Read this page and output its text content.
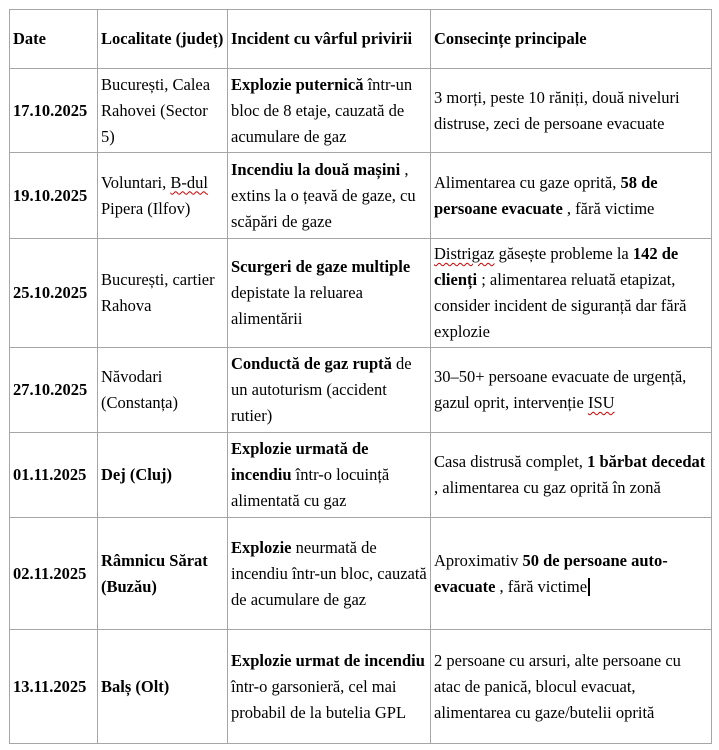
Date	Localitate (județ)	Incident cu vârful privirii	Consecințe principale
17.10.2025	București, Calea Rahovei (Sector 5)	Explozie puternică într-un bloc de 8 etaje, cauzată de acumulare de gaz	3 morți, peste 10 răniți, două niveluri distruse, zeci de persoane evacuate
19.10.2025	Voluntari, B-dul Pipera (Ilfov)	Incendiu la două mașini , extins la o țeavă de gaze, cu scăpări de gaze	Alimentarea cu gaze oprită, 58 de persoane evacuate , fără victime
25.10.2025	București, cartier Rahova	Scurgeri de gaze multiple depistate la reluarea alimentării	Distrigaz găsește probleme la 142 de clienți ; alimentarea reluată etapizat, consider incident de siguranță dar fără explozie
27.10.2025	Năvodari (Constanța)	Conductă de gaz ruptă de un autoturism (accident rutier)	30–50+ persoane evacuate de urgență, gazul oprit, intervenție ISU
01.11.2025	Dej (Cluj)	Explozie urmată de incendiu într-o locuință alimentată cu gaz	Casa distrusă complet, 1 bărbat decedat , alimentarea cu gaz oprită în zonă
02.11.2025	Râmnicu Sărat (Buzău)	Explozie neurmată de incendiu într-un bloc, cauzată de acumulare de gaz	Aproximativ 50 de persoane auto-evacuate , fără victime
13.11.2025	Balș (Olt)	Explozie urmat de incendiu într-o garsonieră, cel mai probabil de la butelia GPL	2 persoane cu arsuri, alte persoane cu atac de panică, blocul evacuat, alimentarea cu gaze/butelii oprită
